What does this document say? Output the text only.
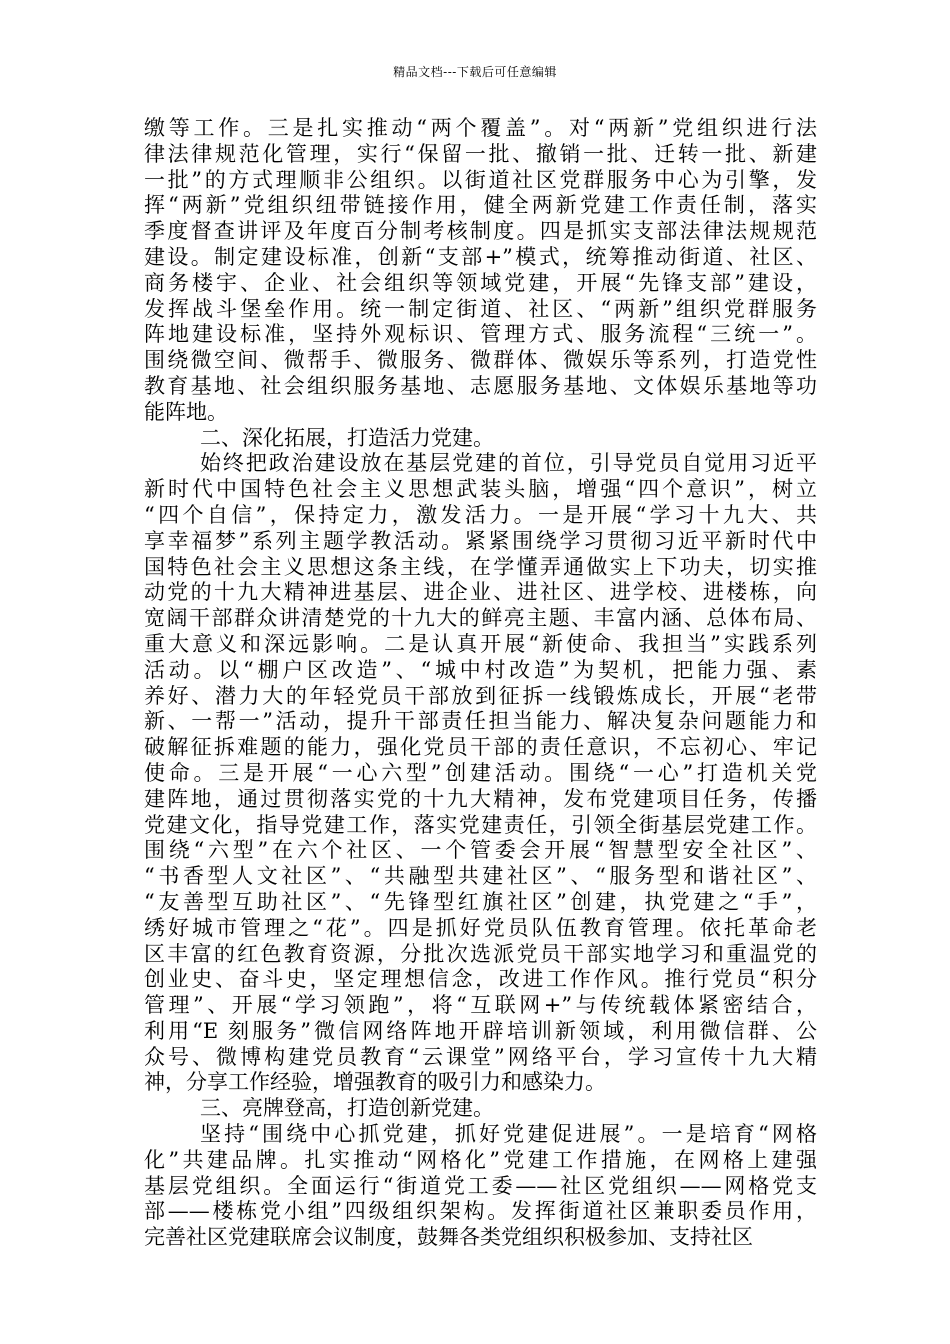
精品文档---下载后可任意编辑
缴等工作。三是扎实推动“两个覆盖”。对“两新”党组织进行法
律法律规范化管理，实行“保留一批、撤销一批、迁转一批、新建
一批”的方式理顺非公组织。以街道社区党群服务中心为引擎，发
挥“两新”党组织纽带链接作用，健全两新党建工作责任制，落实
季度督查讲评及年度百分制考核制度。四是抓实支部法律法规规范
建设。制定建设标准，创新“支部+”模式，统筹推动街道、社区、
商务楼宇、企业、社会组织等领域党建，开展“先锋支部”建设，
发挥战斗堡垒作用。统一制定街道、社区、“两新”组织党群服务
阵地建设标准，坚持外观标识、管理方式、服务流程“三统一”。
围绕微空间、微帮手、微服务、微群体、微娱乐等系列，打造党性
教育基地、社会组织服务基地、志愿服务基地、文体娱乐基地等功
能阵地。
二、深化拓展，打造活力党建。
始终把政治建设放在基层党建的首位，引导党员自觉用习近平
新时代中国特色社会主义思想武装头脑，增强“四个意识”，树立
“四个自信”，保持定力，激发活力。一是开展“学习十九大、共
享幸福梦”系列主题学教活动。紧紧围绕学习贯彻习近平新时代中
国特色社会主义思想这条主线，在学懂弄通做实上下功夫，切实推
动党的十九大精神进基层、进企业、进社区、进学校、进楼栋，向
宽阔干部群众讲清楚党的十九大的鲜亮主题、丰富内涵、总体布局、
重大意义和深远影响。二是认真开展“新使命、我担当”实践系列
活动。以“棚户区改造”、“城中村改造”为契机，把能力强、素
养好、潜力大的年轻党员干部放到征拆一线锻炼成长，开展“老带
新、一帮一”活动，提升干部责任担当能力、解决复杂问题能力和
破解征拆难题的能力，强化党员干部的责任意识，不忘初心、牢记
使命。三是开展“一心六型”创建活动。围绕“一心”打造机关党
建阵地，通过贯彻落实党的十九大精神，发布党建项目任务，传播
党建文化，指导党建工作，落实党建责任，引领全街基层党建工作。
围绕“六型”在六个社区、一个管委会开展“智慧型安全社区”、
“书香型人文社区”、“共融型共建社区”、“服务型和谐社区”、
“友善型互助社区”、“先锋型红旗社区”创建，执党建之“手”，
绣好城市管理之“花”。四是抓好党员队伍教育管理。依托革命老
区丰富的红色教育资源，分批次选派党员干部实地学习和重温党的
创业史、奋斗史，坚定理想信念，改进工作作风。推行党员“积分
管理”、开展“学习领跑”，将“互联网+”与传统载体紧密结合，
利用“E 刻服务”微信网络阵地开辟培训新领域，利用微信群、公
众号、微博构建党员教育“云课堂”网络平台，学习宣传十九大精
神，分享工作经验，增强教育的吸引力和感染力。
三、亮牌登高，打造创新党建。
坚持“围绕中心抓党建，抓好党建促进展”。一是培育“网格
化”共建品牌。扎实推动“网格化”党建工作措施，在网格上建强
基层党组织。全面运行“街道党工委——社区党组织——网格党支
部——楼栋党小组”四级组织架构。发挥街道社区兼职委员作用，
完善社区党建联席会议制度，鼓舞各类党组织积极参加、支持社区
